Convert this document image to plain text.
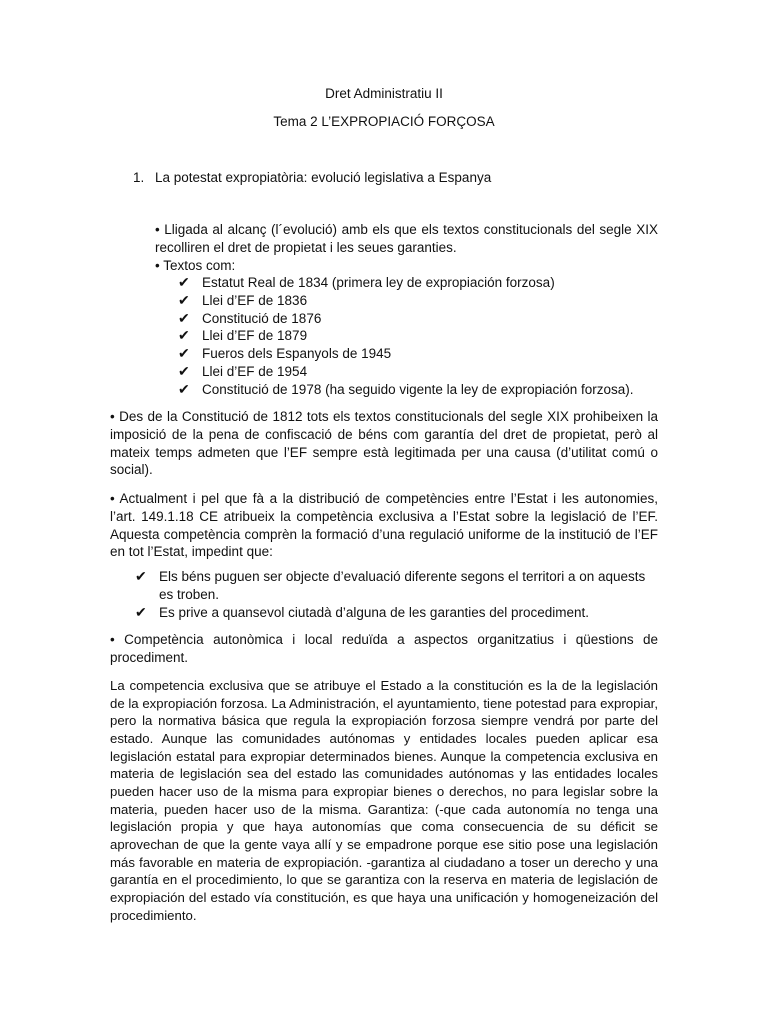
Dret Administratiu II
Tema 2 L’EXPROPIACIÓ FORÇOSA
1. La potestat expropiatòria: evolució legislativa a Espanya
• Lligada al alcanç (l´evolució) amb els que els textos constitucionals del segle XIX recolliren el dret de propietat i les seues garanties.
• Textos com:
✔ Estatut Real de 1834 (primera ley de expropiación forzosa)
✔ Llei d’EF de 1836
✔ Constitució de 1876
✔ Llei d’EF de 1879
✔ Fueros dels Espanyols de 1945
✔ Llei d’EF de 1954
✔ Constitució de 1978 (ha seguido vigente la ley de expropiación forzosa).
• Des de la Constitució de 1812 tots els textos constitucionals del segle XIX prohibeixen la imposició de la pena de confiscació de béns com garantía del dret de propietat, però al mateix temps admeten que l’EF sempre està legitimada per una causa (d’utilitat comú o social).
• Actualment i pel que fà a la distribució de competències entre l’Estat i les autonomies, l’art. 149.1.18 CE atribueix la competència exclusiva a l’Estat sobre la legislació de l’EF. Aquesta competència comprèn la formació d’una regulació uniforme de la institució de l’EF en tot l’Estat, impedint que:
✔ Els béns puguen ser objecte d’evaluació diferente segons el territori a on aquests es troben.
✔ Es prive a quansevol ciutadà d’alguna de les garanties del procediment.
• Competència autonòmica i local reduïda a aspectos organitzatius i qüestions de procediment.
La competencia exclusiva que se atribuye el Estado a la constitución es la de la legislación de la expropiación forzosa. La Administración, el ayuntamiento, tiene potestad para expropiar, pero la normativa básica que regula la expropiación forzosa siempre vendrá por parte del estado. Aunque las comunidades autónomas y entidades locales pueden aplicar esa legislación estatal para expropiar determinados bienes. Aunque la competencia exclusiva en materia de legislación sea del estado las comunidades autónomas y las entidades locales pueden hacer uso de la misma para expropiar bienes o derechos, no para legislar sobre la materia, pueden hacer uso de la misma. Garantiza: (-que cada autonomía no tenga una legislación propia y que haya autonomías que coma consecuencia de su déficit se aprovechan de que la gente vaya allí y se empadrone porque ese sitio pose una legislación más favorable en materia de expropiación. -garantiza al ciudadano a toser un derecho y una garantía en el procedimiento, lo que se garantiza con la reserva en materia de legislación de expropiación del estado vía constitución, es que haya una unificación y homogeneización del procedimiento.
